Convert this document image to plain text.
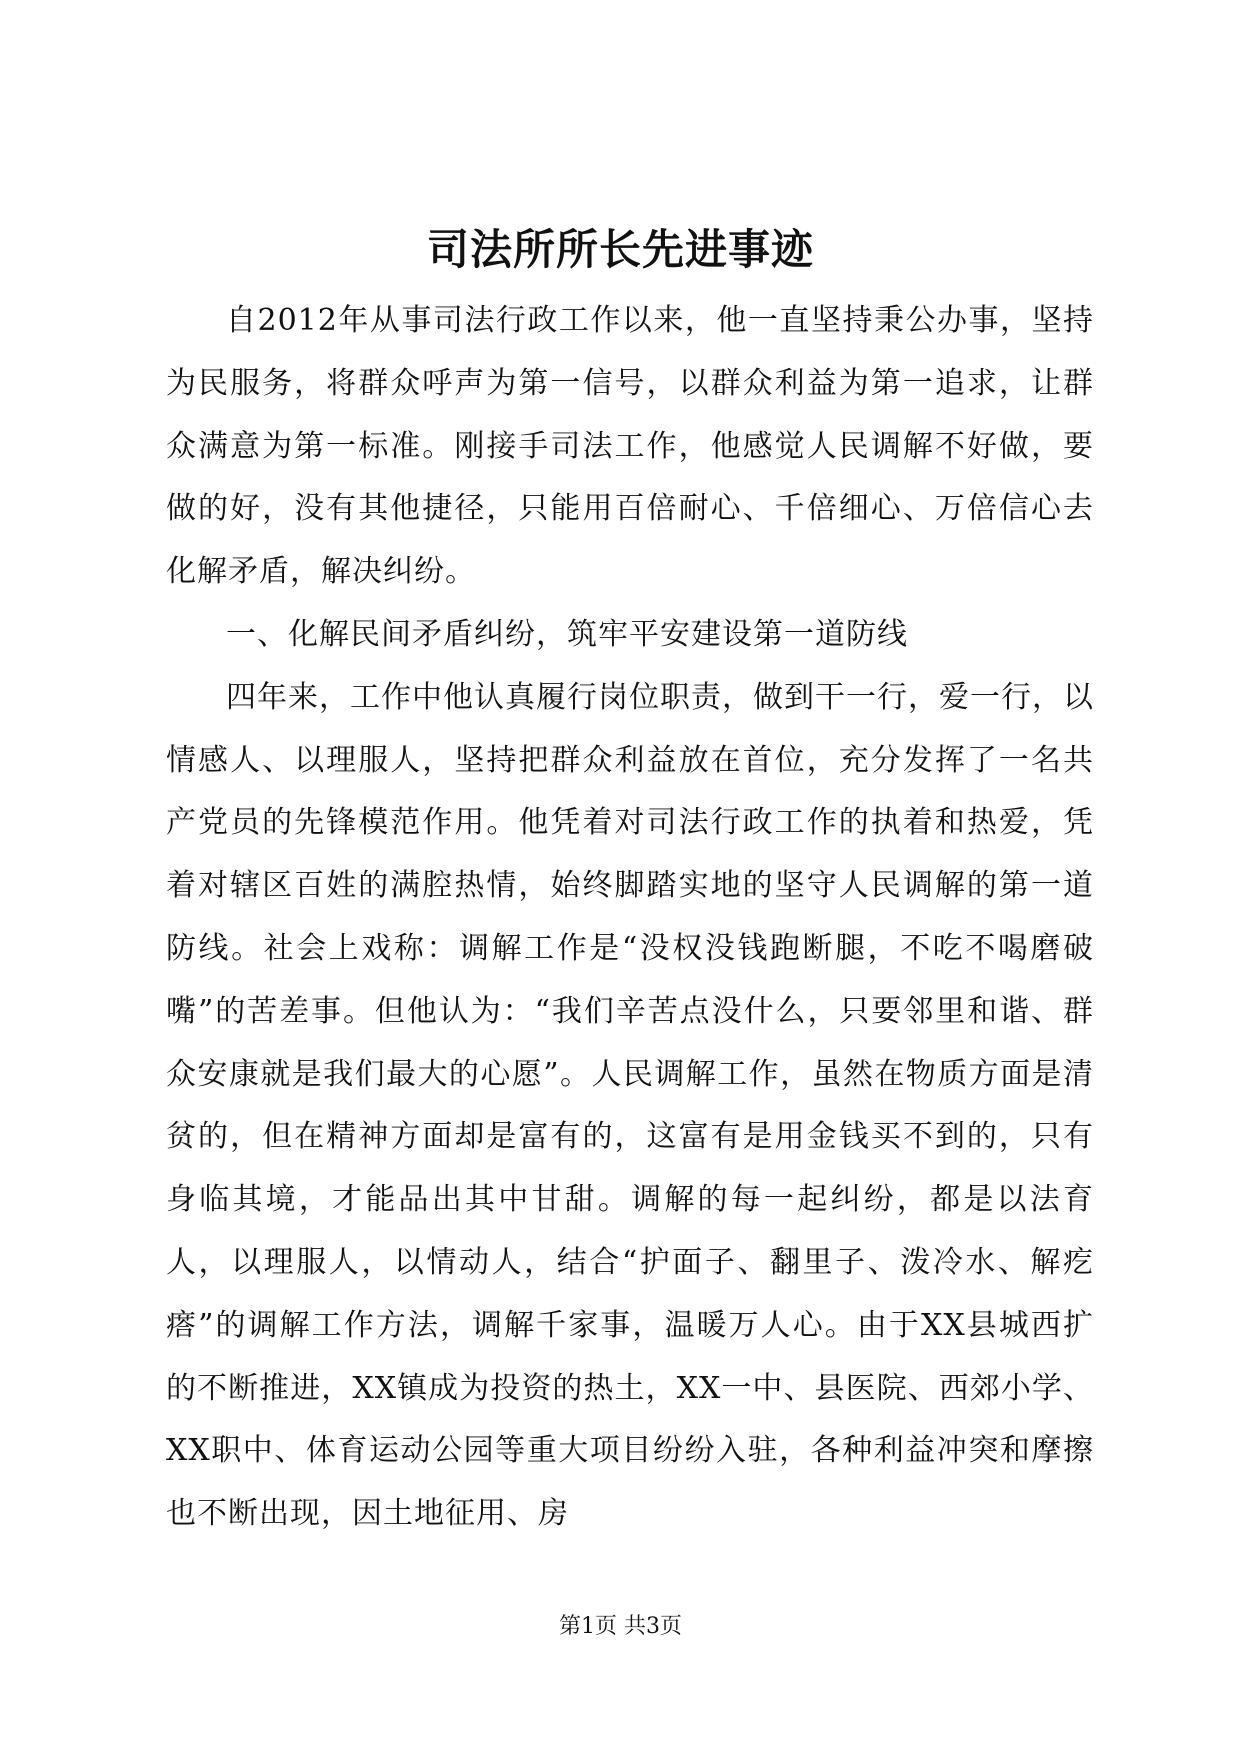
司法所所长先进事迹

自2012年从事司法行政工作以来，他一直坚持秉公办事，坚持为民服务，将群众呼声为第一信号，以群众利益为第一追求，让群众满意为第一标准。刚接手司法工作，他感觉人民调解不好做，要做的好，没有其他捷径，只能用百倍耐心、千倍细心、万倍信心去化解矛盾，解决纠纷。

一、化解民间矛盾纠纷，筑牢平安建设第一道防线

四年来，工作中他认真履行岗位职责，做到干一行，爱一行，以情感人、以理服人，坚持把群众利益放在首位，充分发挥了一名共产党员的先锋模范作用。他凭着对司法行政工作的执着和热爱，凭着对辖区百姓的满腔热情，始终脚踏实地的坚守人民调解的第一道防线。社会上戏称：调解工作是“没权没钱跑断腿，不吃不喝磨破嘴”的苦差事。但他认为：“我们辛苦点没什么，只要邻里和谐、群众安康就是我们最大的心愿”。人民调解工作，虽然在物质方面是清贫的，但在精神方面却是富有的，这富有是用金钱买不到的，只有身临其境，才能品出其中甘甜。调解的每一起纠纷，都是以法育人，以理服人，以情动人，结合“护面子、翻里子、泼冷水、解疙瘩”的调解工作方法，调解千家事，温暖万人心。由于XX县城西扩的不断推进，XX镇成为投资的热土，XX一中、县医院、西郊小学、XX职中、体育运动公园等重大项目纷纷入驻，各种利益冲突和摩擦也不断出现，因土地征用、房

第1页 共3页
